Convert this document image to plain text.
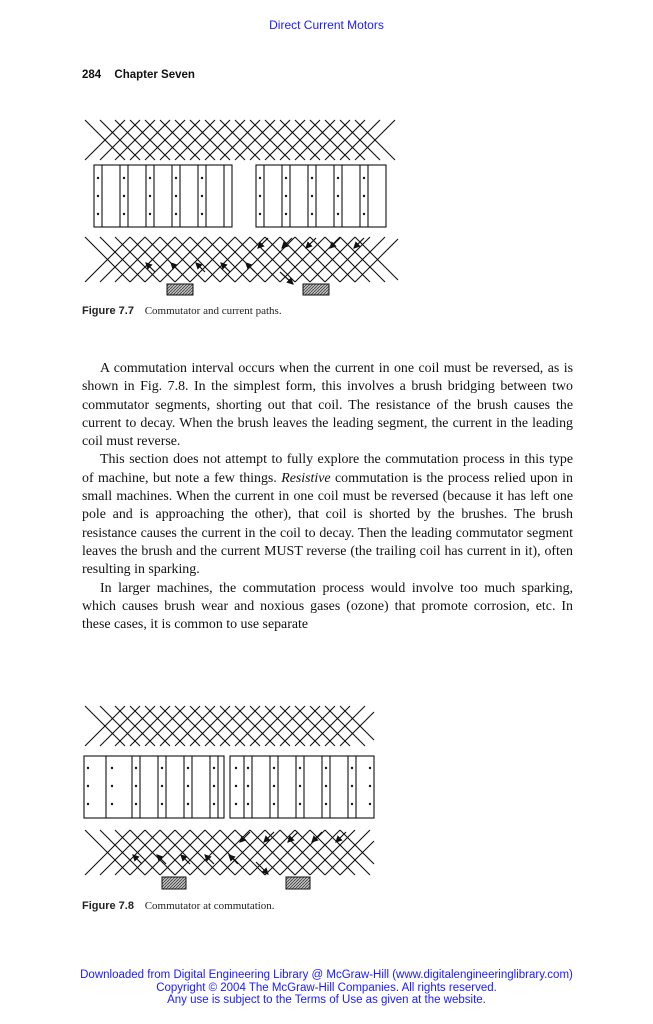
Direct Current Motors
284 Chapter Seven
Figure 7.7 Commutator and current paths.

A commutation interval occurs when the current in one coil must be reversed, as is shown in Fig. 7.8. In the simplest form, this involves a brush bridging between two commutator segments, shorting out that coil. The resistance of the brush causes the current to decay. When the brush leaves the leading segment, the current in the leading coil must reverse.

This section does not attempt to fully explore the commutation process in this type of machine, but note a few things. Resistive commutation is the process relied upon in small machines. When the current in one coil must be reversed (because it has left one pole and is approaching the other), that coil is shorted by the brushes. The brush resistance causes the current in the coil to decay. Then the leading commutator segment leaves the brush and the current MUST reverse (the trailing coil has current in it), often resulting in sparking.

In larger machines, the commutation process would involve too much sparking, which causes brush wear and noxious gases (ozone) that promote corrosion, etc. In these cases, it is common to use separate

Figure 7.8 Commutator at commutation.
Downloaded from Digital Engineering Library @ McGraw-Hill (www.digitalengineeringlibrary.com)
Copyright © 2004 The McGraw-Hill Companies. All rights reserved.
Any use is subject to the Terms of Use as given at the website.
